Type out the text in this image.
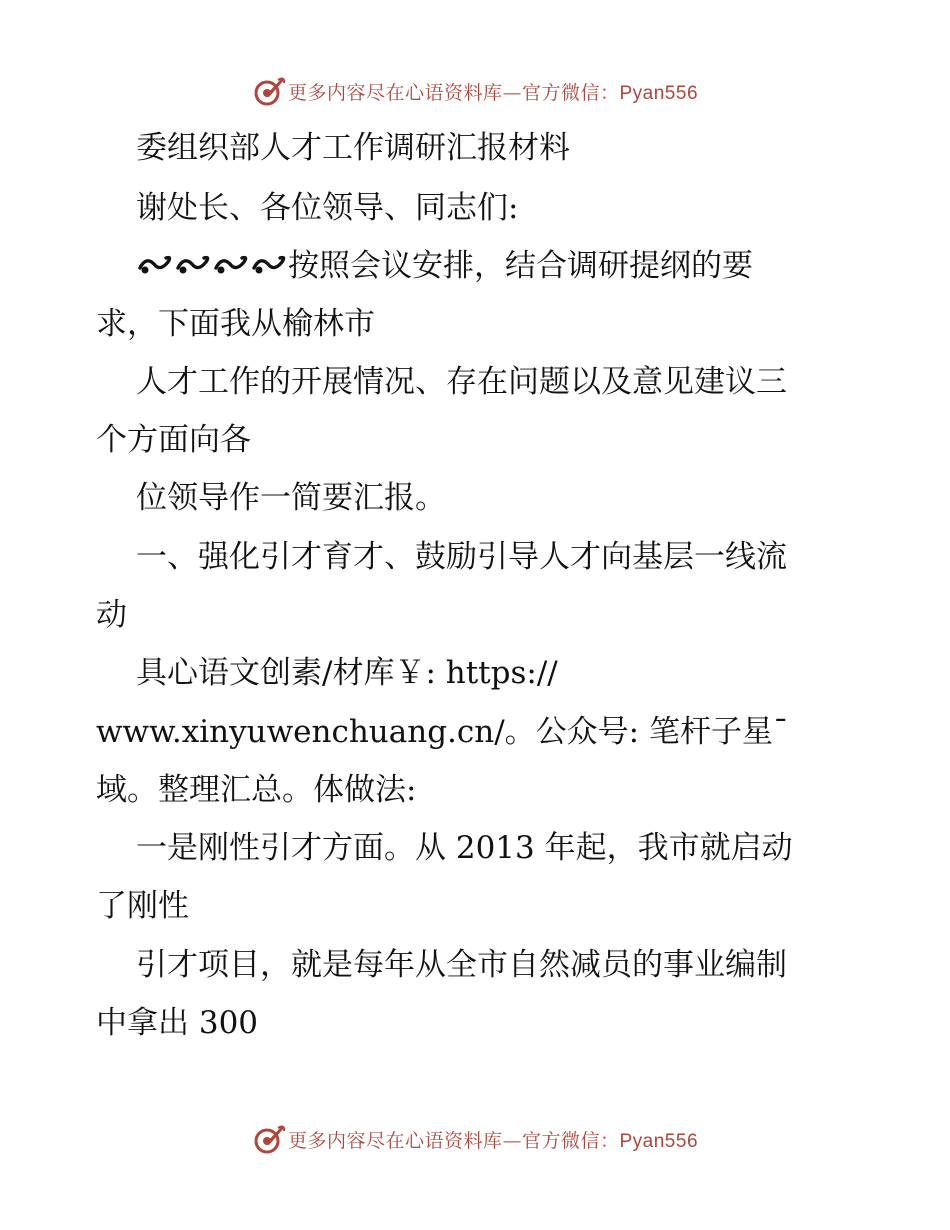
更多内容尽在心语资料库—官方微信：Pyan556
委组织部人才工作调研汇报材料
谢处长、各位领导、同志们:
按照会议安排，结合调研提纲的要
求，下面我从榆林市
人才工作的开展情况、存在问题以及意见建议三
个方面向各
位领导作一简要汇报。
一、强化引才育才、鼓励引导人才向基层一线流
动
具心语文创素/材库￥: https://
www.xinyuwenchuang.cn/。公众号: 笔杆子星¯
域。整理汇总。体做法:
一是刚性引才方面。从 2013 年起，我市就启动
了刚性
引才项目，就是每年从全市自然减员的事业编制
中拿出 300
更多内容尽在心语资料库—官方微信：Pyan556
